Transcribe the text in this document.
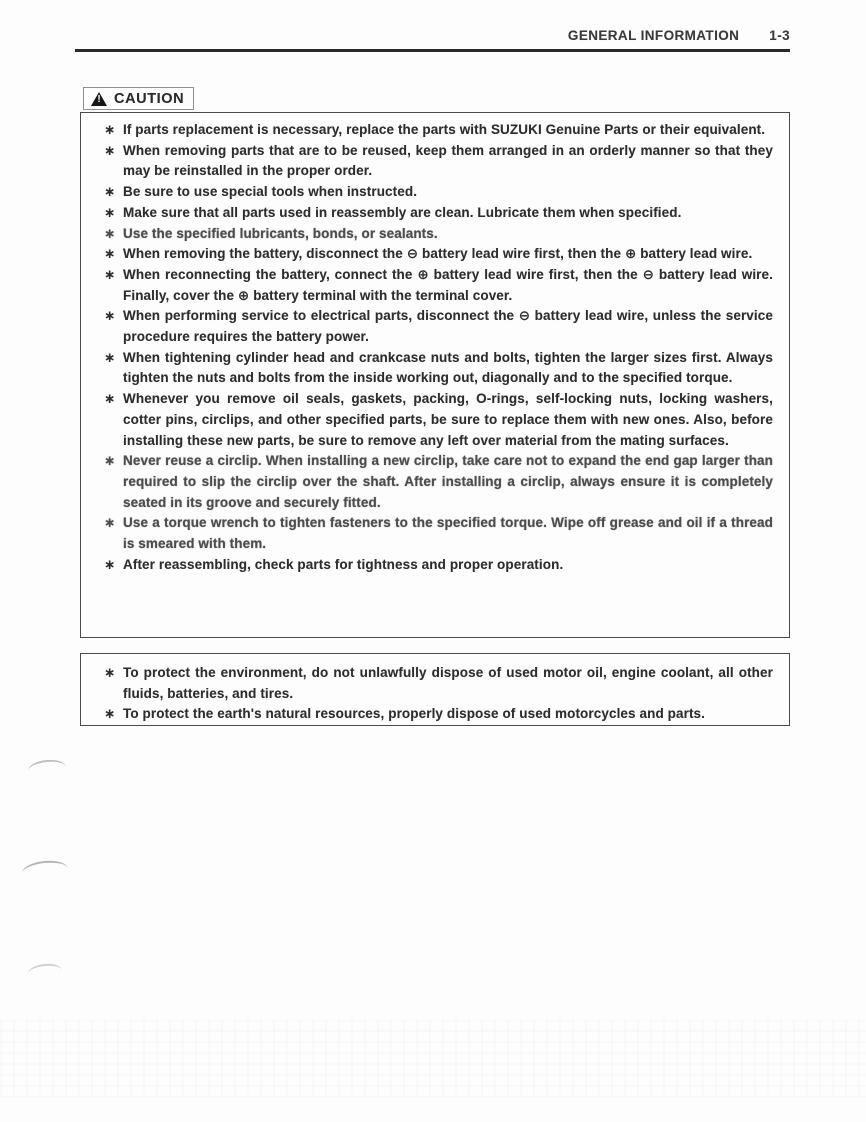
GENERAL INFORMATION 1-3
! CAUTION
∗ If parts replacement is necessary, replace the parts with SUZUKI Genuine Parts or their equivalent.
∗ When removing parts that are to be reused, keep them arranged in an orderly manner so that they may be reinstalled in the proper order.
∗ Be sure to use special tools when instructed.
∗ Make sure that all parts used in reassembly are clean. Lubricate them when specified.
∗ Use the specified lubricants, bonds, or sealants.
∗ When removing the battery, disconnect the ⊖ battery lead wire first, then the ⊕ battery lead wire.
∗ When reconnecting the battery, connect the ⊕ battery lead wire first, then the ⊖ battery lead wire. Finally, cover the ⊕ battery terminal with the terminal cover.
∗ When performing service to electrical parts, disconnect the ⊖ battery lead wire, unless the service procedure requires the battery power.
∗ When tightening cylinder head and crankcase nuts and bolts, tighten the larger sizes first. Always tighten the nuts and bolts from the inside working out, diagonally and to the specified torque.
∗ Whenever you remove oil seals, gaskets, packing, O-rings, self-locking nuts, locking washers, cotter pins, circlips, and other specified parts, be sure to replace them with new ones. Also, before installing these new parts, be sure to remove any left over material from the mating surfaces.
∗ Never reuse a circlip. When installing a new circlip, take care not to expand the end gap larger than required to slip the circlip over the shaft. After installing a circlip, always ensure it is completely seated in its groove and securely fitted.
∗ Use a torque wrench to tighten fasteners to the specified torque. Wipe off grease and oil if a thread is smeared with them.
∗ After reassembling, check parts for tightness and proper operation.
∗ To protect the environment, do not unlawfully dispose of used motor oil, engine coolant, all other fluids, batteries, and tires.
∗ To protect the earth's natural resources, properly dispose of used motorcycles and parts.
